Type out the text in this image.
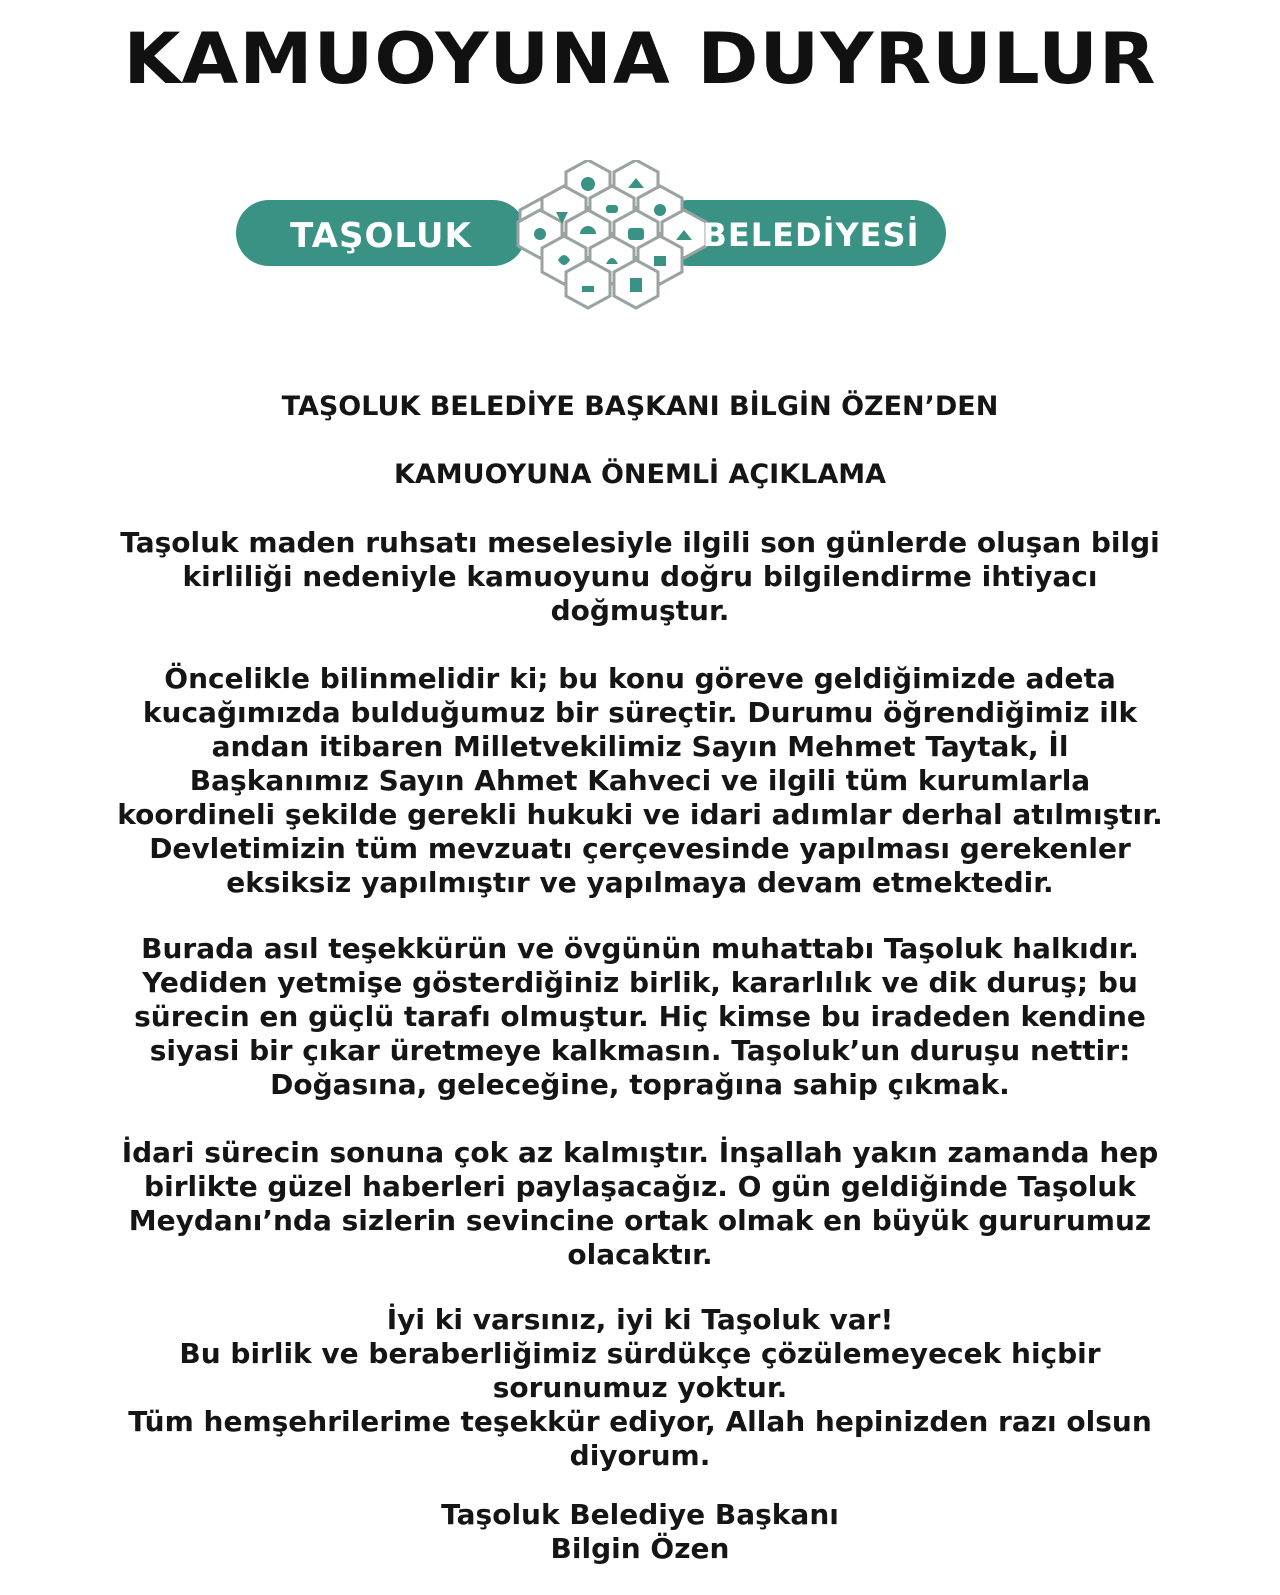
KAMUOYUNA DUYRULUR
TAŞOLUK	BELEDİYESİ
TAŞOLUK BELEDİYE BAŞKANI BİLGİN ÖZEN’DEN
KAMUOYUNA ÖNEMLİ AÇIKLAMA

Taşoluk maden ruhsatı meselesiyle ilgili son günlerde oluşan bilgi
kirliliği nedeniyle kamuoyunu doğru bilgilendirme ihtiyacı
doğmuştur.

Öncelikle bilinmelidir ki; bu konu göreve geldiğimizde adeta
kucağımızda bulduğumuz bir süreçtir. Durumu öğrendiğimiz ilk
andan itibaren Milletvekilimiz Sayın Mehmet Taytak, İl
Başkanımız Sayın Ahmet Kahveci ve ilgili tüm kurumlarla
koordineli şekilde gerekli hukuki ve idari adımlar derhal atılmıştır.
Devletimizin tüm mevzuatı çerçevesinde yapılması gerekenler
eksiksiz yapılmıştır ve yapılmaya devam etmektedir.

Burada asıl teşekkürün ve övgünün muhattabı Taşoluk halkıdır.
Yediden yetmişe gösterdiğiniz birlik, kararlılık ve dik duruş; bu
sürecin en güçlü tarafı olmuştur. Hiç kimse bu iradeden kendine
siyasi bir çıkar üretmeye kalkmasın. Taşoluk’un duruşu nettir:
Doğasına, geleceğine, toprağına sahip çıkmak.

İdari sürecin sonuna çok az kalmıştır. İnşallah yakın zamanda hep
birlikte güzel haberleri paylaşacağız. O gün geldiğinde Taşoluk
Meydanı’nda sizlerin sevincine ortak olmak en büyük gururumuz
olacaktır.

İyi ki varsınız, iyi ki Taşoluk var!
Bu birlik ve beraberliğimiz sürdükçe çözülemeyecek hiçbir
sorunumuz yoktur.
Tüm hemşehrilerime teşekkür ediyor, Allah hepinizden razı olsun
diyorum.

Taşoluk Belediye Başkanı
Bilgin Özen
